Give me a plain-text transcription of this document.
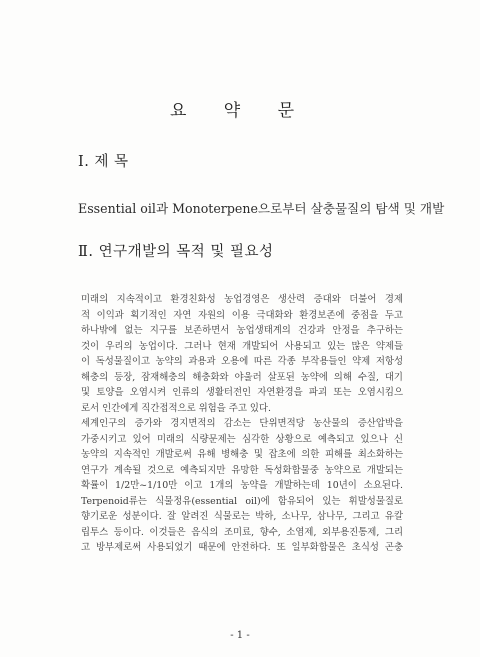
요 약 문
Ⅰ. 제 목
Essential oil과 Monoterpene으로부터 살충물질의 탐색 및 개발
Ⅱ. 연구개발의 목적 및 필요성
미래의 지속적이고 환경친화성 농업경영은 생산력 증대와 더불어 경제
적 이익과 획기적인 자연 자원의 이용 극대화와 환경보존에 중점을 두고
하나밖에 없는 지구를 보존하면서 농업생태계의 건강과 안정을 추구하는
것이 우리의 농업이다. 그러나 현재 개발되어 사용되고 있는 많은 약제들
이 독성물질이고 농약의 과용과 오용에 따른 각종 부작용들인 약제 저항성
해충의 등장, 잠재해충의 해충화와 야울러 살포된 농약에 의해 수질, 대기
및 토양을 오염시켜 인류의 생활터전인 자연환경을 파괴 또는 오염시킴으
로서 인간에게 직간접적으로 위험을 주고 있다.
세계인구의 증가와 경지면적의 감소는 단위면적당 농산물의 증산압박을
가중시키고 있어 미래의 식량문제는 심각한 상황으로 예측되고 있으나 신
농약의 지속적인 개발로써 유해 병해충 및 잡초에 의한 피해를 최소화하는
연구가 계속될 것으로 예측되지만 유망한 독성화합물중 농약으로 개발되는
확률이 1/2만~1/10만 이고 1개의 농약을 개발하는데 10년이 소요된다.
Terpenoid류는 식물정유(essential oil)에 함유되어 있는 휘발성물질로
향기로운 성분이다. 잘 알려진 식물로는 박하, 소나무, 삼나무, 그리고 유칼
립투스 등이다. 이것들은 음식의 조미료, 향수, 소염제, 외부용진통제, 그리
고 방부제로써 사용되었기 때문에 안전하다. 또 일부화합물은 초식성 곤충
- 1 -
